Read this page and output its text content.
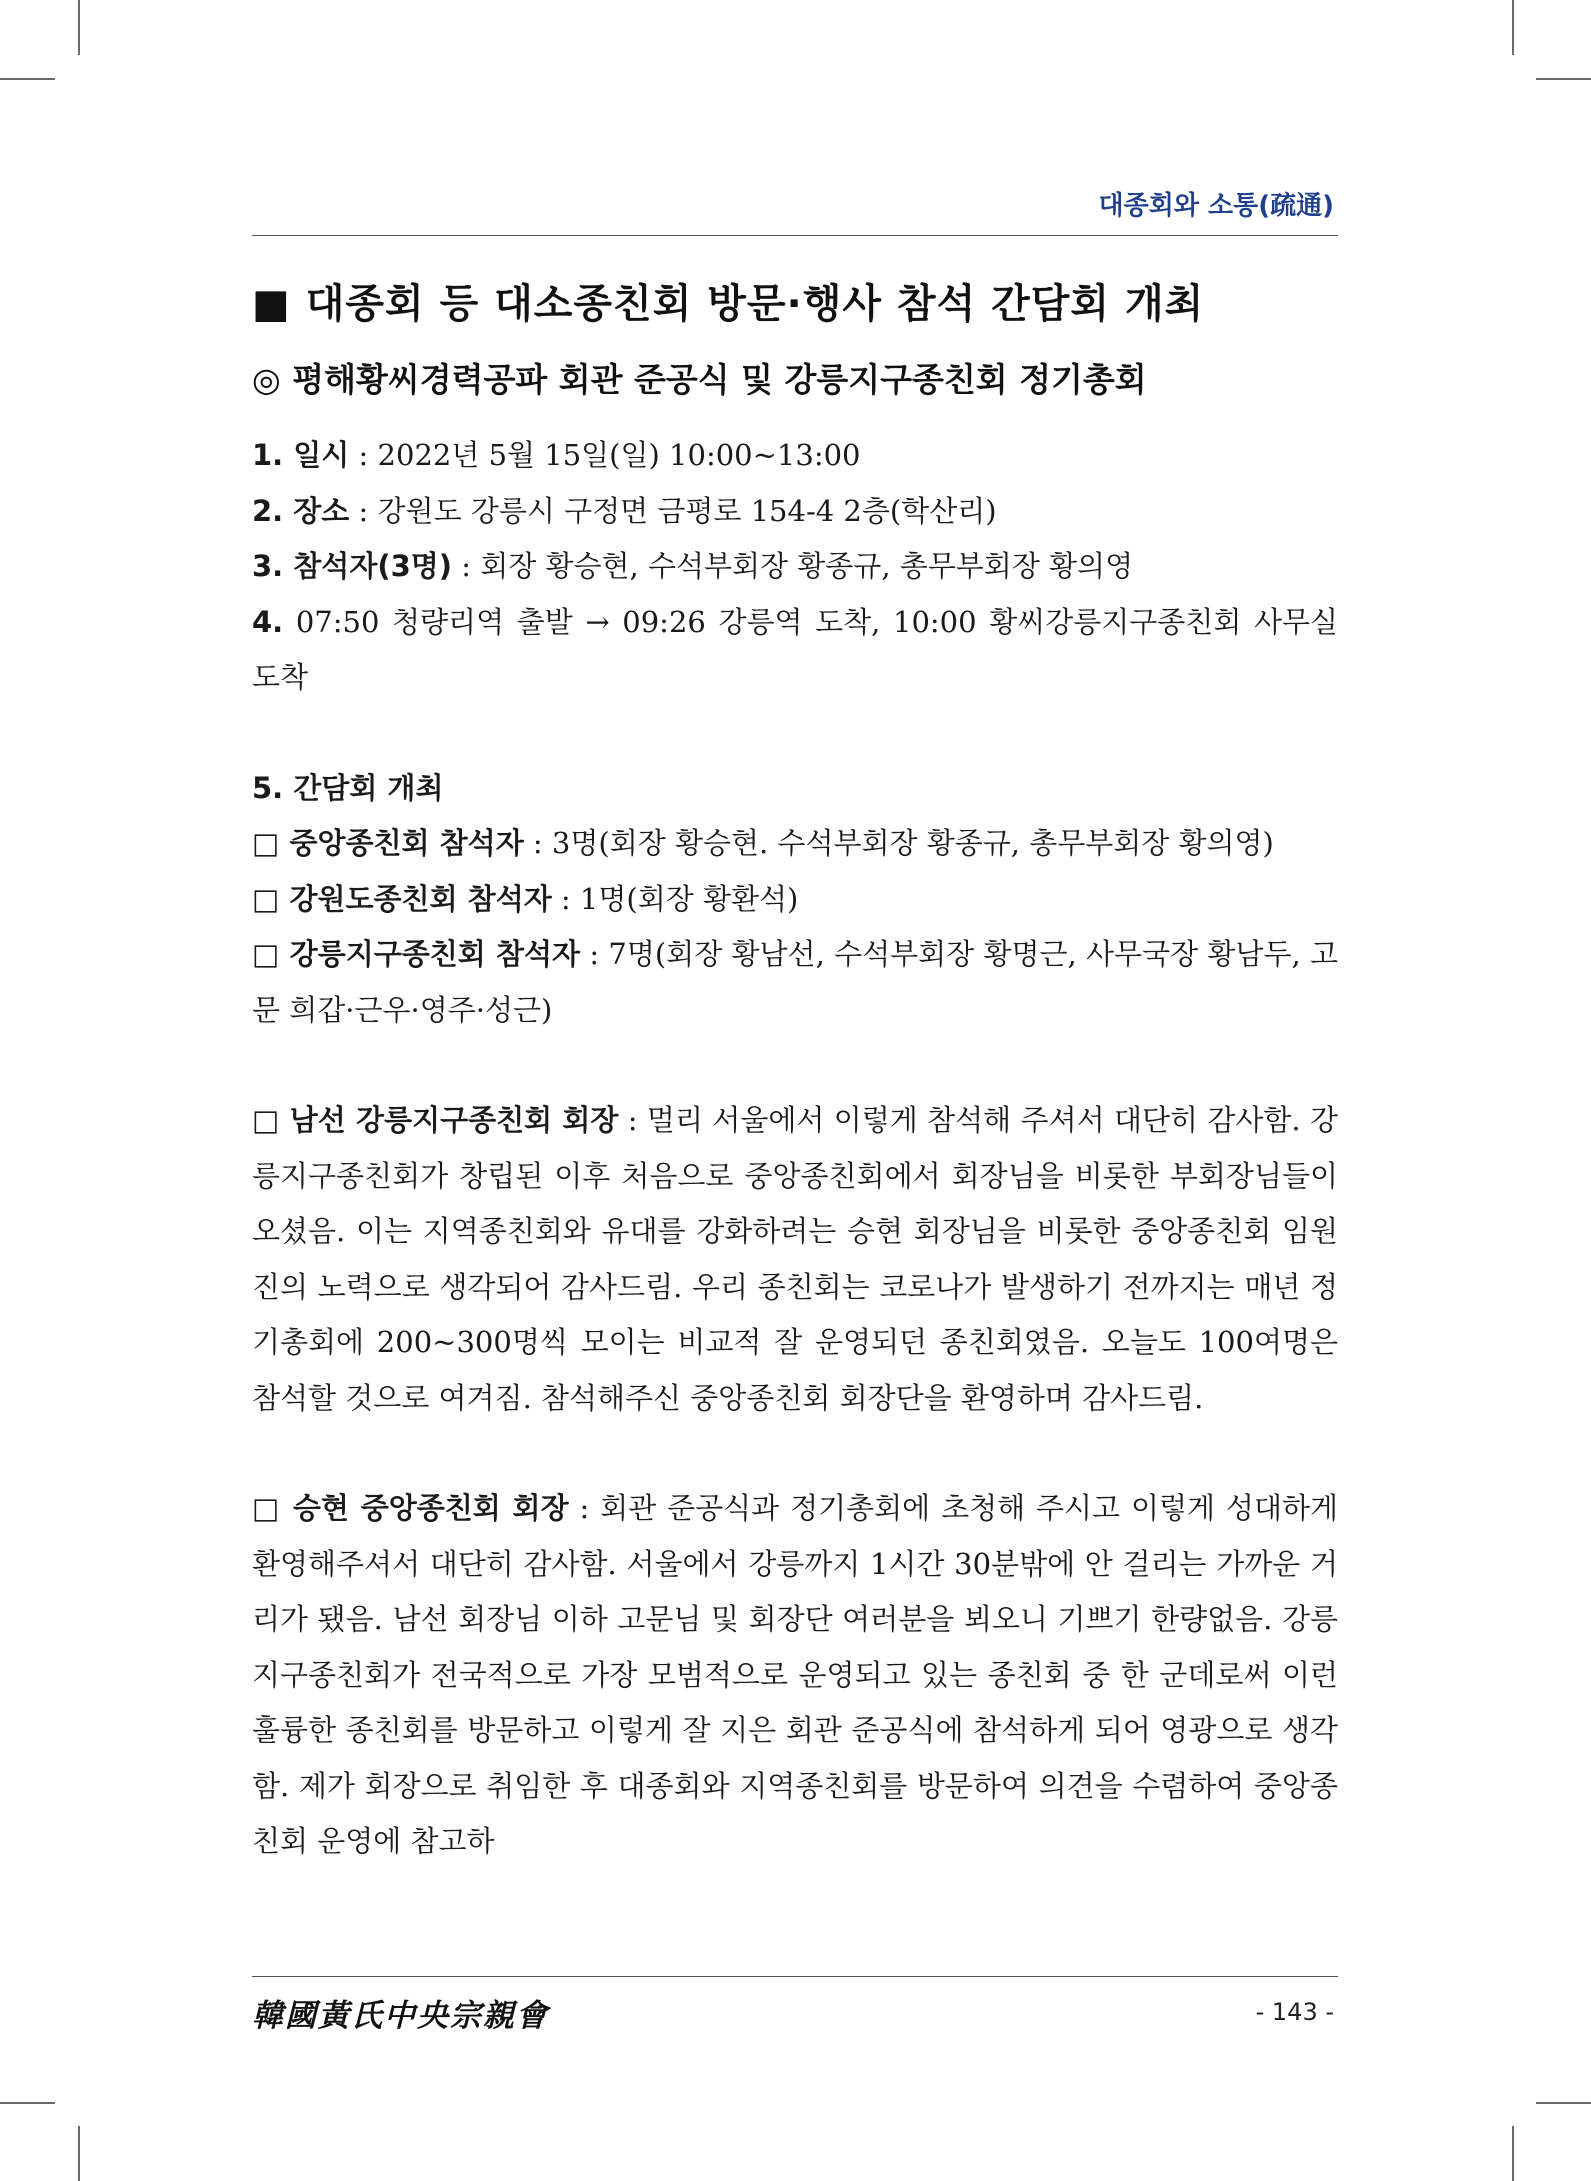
대종회와 소통(疏通)
■ 대종회 등 대소종친회 방문·행사 참석 간담회 개최
◎ 평해황씨경력공파 회관 준공식 및 강릉지구종친회 정기총회

1. 일시 : 2022년 5월 15일(일) 10:00~13:00

2. 장소 : 강원도 강릉시 구정면 금평로 154-4 2층(학산리)

3. 참석자(3명) : 회장 황승현, 수석부회장 황종규, 총무부회장 황의영

4. 07:50 청량리역 출발 → 09:26 강릉역 도착, 10:00 황씨강릉지구종친회 사무실 도착

5. 간담회 개최

□ 중앙종친회 참석자 : 3명(회장 황승현. 수석부회장 황종규, 총무부회장 황의영)

□ 강원도종친회 참석자 : 1명(회장 황환석)

□ 강릉지구종친회 참석자 : 7명(회장 황남선, 수석부회장 황명근, 사무국장 황남두, 고문 희갑·근우·영주·성근)

□ 남선 강릉지구종친회 회장 : 멀리 서울에서 이렇게 참석해 주셔서 대단히 감사함. 강릉지구종친회가 창립된 이후 처음으로 중앙종친회에서 회장님을 비롯한 부회장님들이 오셨음. 이는 지역종친회와 유대를 강화하려는 승현 회장님을 비롯한 중앙종친회 임원진의 노력으로 생각되어 감사드림. 우리 종친회는 코로나가 발생하기 전까지는 매년 정기총회에 200~300명씩 모이는 비교적 잘 운영되던 종친회였음. 오늘도 100여명은 참석할 것으로 여겨짐. 참석해주신 중앙종친회 회장단을 환영하며 감사드림.

□ 승현 중앙종친회 회장 : 회관 준공식과 정기총회에 초청해 주시고 이렇게 성대하게 환영해주셔서 대단히 감사함. 서울에서 강릉까지 1시간 30분밖에 안 걸리는 가까운 거리가 됐음. 남선 회장님 이하 고문님 및 회장단 여러분을 뵈오니 기쁘기 한량없음. 강릉지구종친회가 전국적으로 가장 모범적으로 운영되고 있는 종친회 중 한 군데로써 이런 훌륭한 종친회를 방문하고 이렇게 잘 지은 회관 준공식에 참석하게 되어 영광으로 생각함. 제가 회장으로 취임한 후 대종회와 지역종친회를 방문하여 의견을 수렴하여 중앙종친회 운영에 참고하

韓國黃氏中央宗親會	- 143 -
